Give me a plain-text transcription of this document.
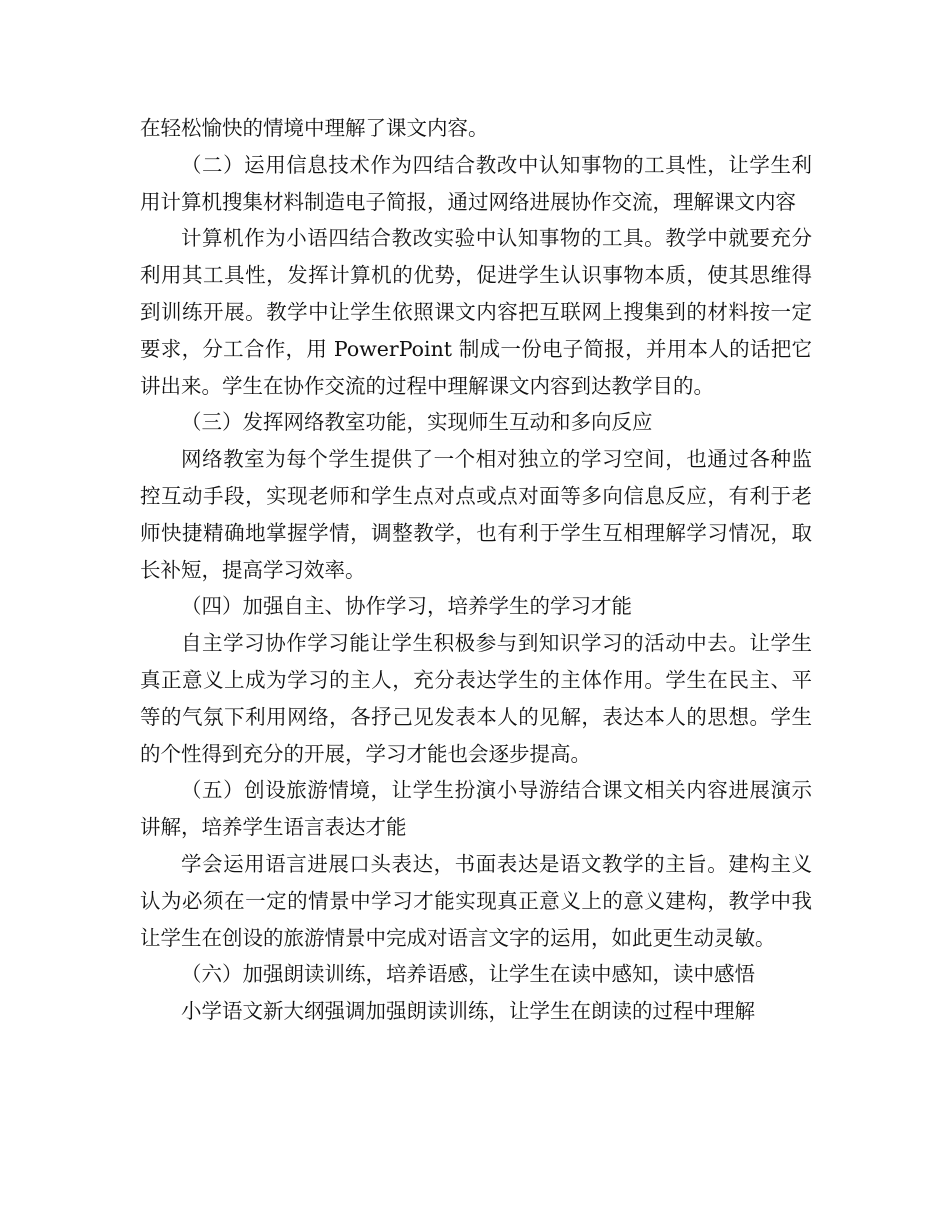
在轻松愉快的情境中理解了课文内容。

（二）运用信息技术作为四结合教改中认知事物的工具性，让学生利用计算机搜集材料制造电子简报，通过网络进展协作交流，理解课文内容

计算机作为小语四结合教改实验中认知事物的工具。教学中就要充分利用其工具性，发挥计算机的优势，促进学生认识事物本质，使其思维得到训练开展。教学中让学生依照课文内容把互联网上搜集到的材料按一定要求，分工合作，用 PowerPoint 制成一份电子简报，并用本人的话把它讲出来。学生在协作交流的过程中理解课文内容到达教学目的。

（三）发挥网络教室功能，实现师生互动和多向反应

网络教室为每个学生提供了一个相对独立的学习空间，也通过各种监控互动手段，实现老师和学生点对点或点对面等多向信息反应，有利于老师快捷精确地掌握学情，调整教学，也有利于学生互相理解学习情况，取长补短，提高学习效率。

（四）加强自主、协作学习，培养学生的学习才能

自主学习协作学习能让学生积极参与到知识学习的活动中去。让学生真正意义上成为学习的主人，充分表达学生的主体作用。学生在民主、平等的气氛下利用网络，各抒己见发表本人的见解，表达本人的思想。学生的个性得到充分的开展，学习才能也会逐步提高。

（五）创设旅游情境，让学生扮演小导游结合课文相关内容进展演示讲解，培养学生语言表达才能

学会运用语言进展口头表达，书面表达是语文教学的主旨。建构主义认为必须在一定的情景中学习才能实现真正意义上的意义建构，教学中我让学生在创设的旅游情景中完成对语言文字的运用，如此更生动灵敏。

（六）加强朗读训练，培养语感，让学生在读中感知，读中感悟

小学语文新大纲强调加强朗读训练，让学生在朗读的过程中理解
